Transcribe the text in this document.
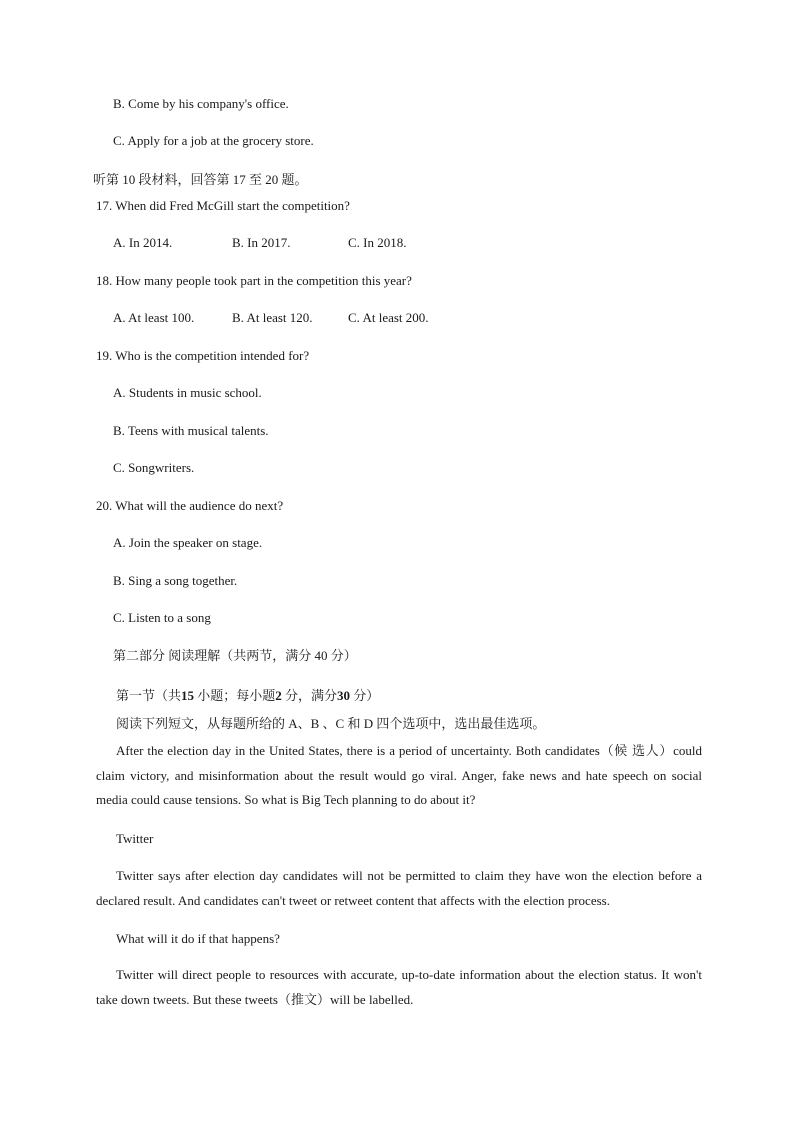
B. Come by his company's office.
C. Apply for a job at the grocery store.
听第 10 段材料，回答第 17 至 20 题。
17. When did Fred McGill start the competition?
A. In 2014.	B. In 2017.	C. In 2018.
18. How many people took part in the competition this year?
A. At least 100.	B. At least 120.	C. At least 200.
19. Who is the competition intended for?
A. Students in music school.
B. Teens with musical talents.
C. Songwriters.
20. What will the audience do next?
A. Join the speaker on stage.
B. Sing a song together.
C. Listen to a song
第二部分 阅读理解（共两节，满分 40 分）
第一节（共15 小题；每小题2 分，满分30 分）
阅读下列短文，从每题所给的 A、B 、C 和 D 四个选项中，选出最佳选项。
After the election day in the United States, there is a period of uncertainty. Both candidates（候 选人）could claim victory, and misinformation about the result would go viral. Anger, fake news and hate speech on social media could cause tensions. So what is Big Tech planning to do about it?
Twitter
Twitter says after election day candidates will not be permitted to claim they have won the election before a declared result. And candidates can't tweet or retweet content that affects with the election process.
What will it do if that happens?
Twitter will direct people to resources with accurate, up-to-date information about the election status. It won't take down tweets. But these tweets（推文）will be labelled.
